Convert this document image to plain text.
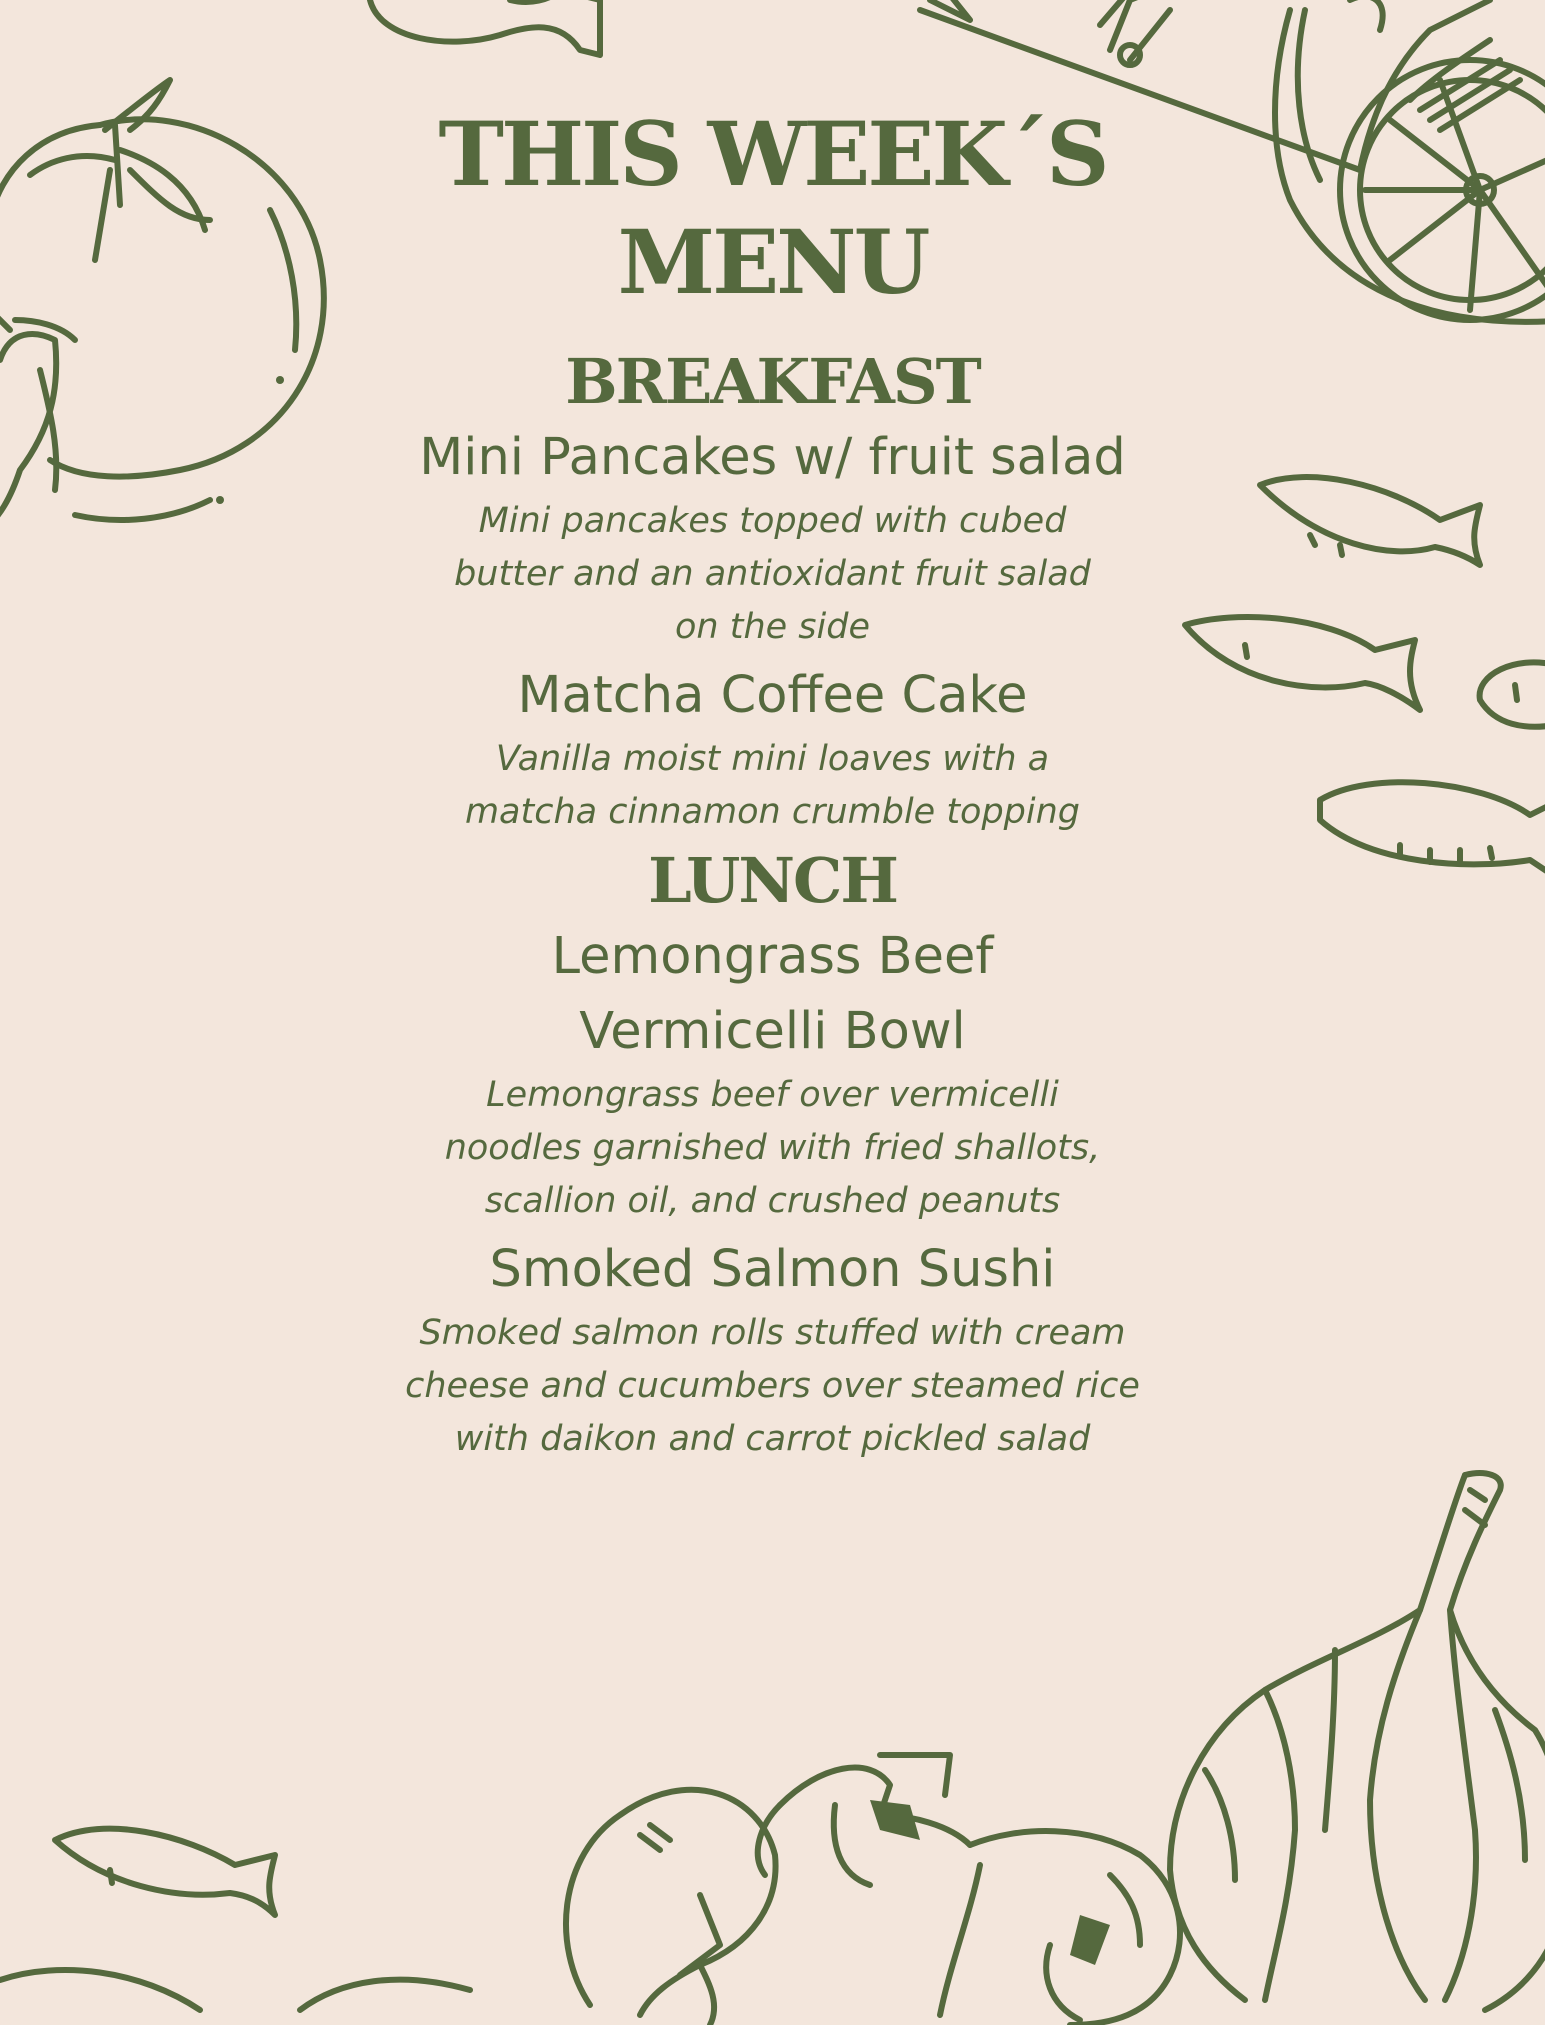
THIS WEEK´S
MENU
BREAKFAST

Mini Pancakes w/ fruit salad

Mini pancakes topped with cubed butter and an antioxidant fruit salad on the side

Matcha Coffee Cake

Vanilla moist mini loaves with a matcha cinnamon crumble topping

LUNCH

Lemongrass Beef

Vermicelli Bowl

Lemongrass beef over vermicelli noodles garnished with fried shallots, scallion oil, and crushed peanuts

Smoked Salmon Sushi

Smoked salmon rolls stuffed with cream cheese and cucumbers over steamed rice with daikon and carrot pickled salad
